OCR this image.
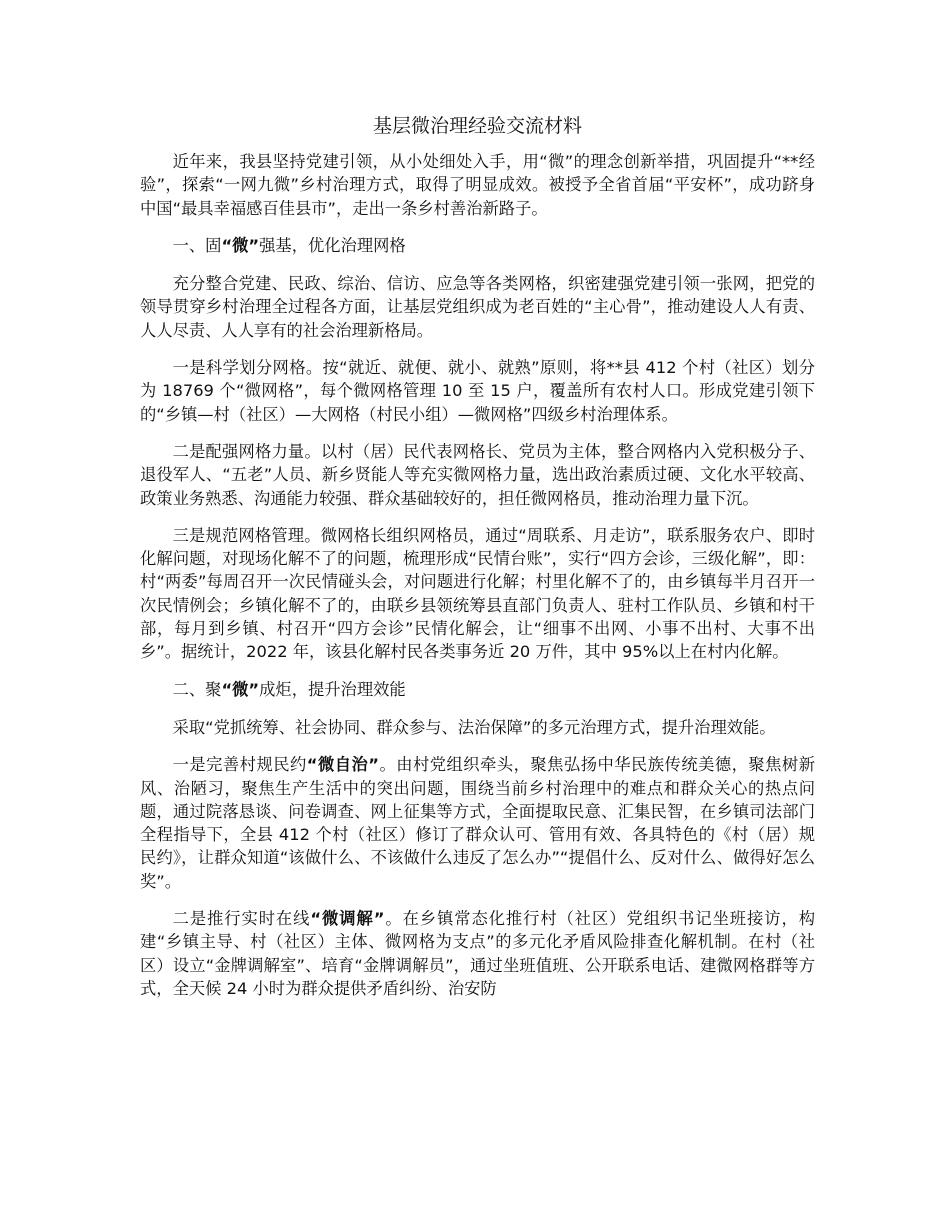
基层微治理经验交流材料

近年来，我县坚持党建引领，从小处细处入手，用“微”的理念创新举措，巩固提升“**经验”，探索“一网九微”乡村治理方式，取得了明显成效。被授予全省首届“平安杯”，成功跻身中国“最具幸福感百佳县市”，走出一条乡村善治新路子。

一、固“微”强基，优化治理网格

充分整合党建、民政、综治、信访、应急等各类网格，织密建强党建引领一张网，把党的领导贯穿乡村治理全过程各方面，让基层党组织成为老百姓的“主心骨”，推动建设人人有责、人人尽责、人人享有的社会治理新格局。

一是科学划分网格。按“就近、就便、就小、就熟”原则，将**县 412 个村（社区）划分为 18769 个“微网格”，每个微网格管理 10 至 15 户，覆盖所有农村人口。形成党建引领下的“乡镇—村（社区）—大网格（村民小组）—微网格”四级乡村治理体系。

二是配强网格力量。以村（居）民代表网格长、党员为主体，整合网格内入党积极分子、退役军人、“五老”人员、新乡贤能人等充实微网格力量，选出政治素质过硬、文化水平较高、政策业务熟悉、沟通能力较强、群众基础较好的，担任微网格员，推动治理力量下沉。

三是规范网格管理。微网格长组织网格员，通过“周联系、月走访”，联系服务农户、即时化解问题，对现场化解不了的问题，梳理形成“民情台账”，实行“四方会诊，三级化解”，即：村“两委”每周召开一次民情碰头会，对问题进行化解；村里化解不了的，由乡镇每半月召开一次民情例会；乡镇化解不了的，由联乡县领统筹县直部门负责人、驻村工作队员、乡镇和村干部，每月到乡镇、村召开“四方会诊”民情化解会，让“细事不出网、小事不出村、大事不出乡”。据统计，2022 年，该县化解村民各类事务近 20 万件，其中 95%以上在村内化解。

二、聚“微”成炬，提升治理效能

采取“党抓统筹、社会协同、群众参与、法治保障”的多元治理方式，提升治理效能。

一是完善村规民约“微自治”。由村党组织牵头，聚焦弘扬中华民族传统美德，聚焦树新风、治陋习，聚焦生产生活中的突出问题，围绕当前乡村治理中的难点和群众关心的热点问题，通过院落恳谈、问卷调查、网上征集等方式，全面提取民意、汇集民智，在乡镇司法部门全程指导下，全县 412 个村（社区）修订了群众认可、管用有效、各具特色的《村（居）规民约》，让群众知道“该做什么、不该做什么违反了怎么办”“提倡什么、反对什么、做得好怎么奖”。

二是推行实时在线“微调解”。在乡镇常态化推行村（社区）党组织书记坐班接访，构建“乡镇主导、村（社区）主体、微网格为支点”的多元化矛盾风险排查化解机制。在村（社区）设立“金牌调解室”、培育“金牌调解员”，通过坐班值班、公开联系电话、建微网格群等方式，全天候 24 小时为群众提供矛盾纠纷、治安防
